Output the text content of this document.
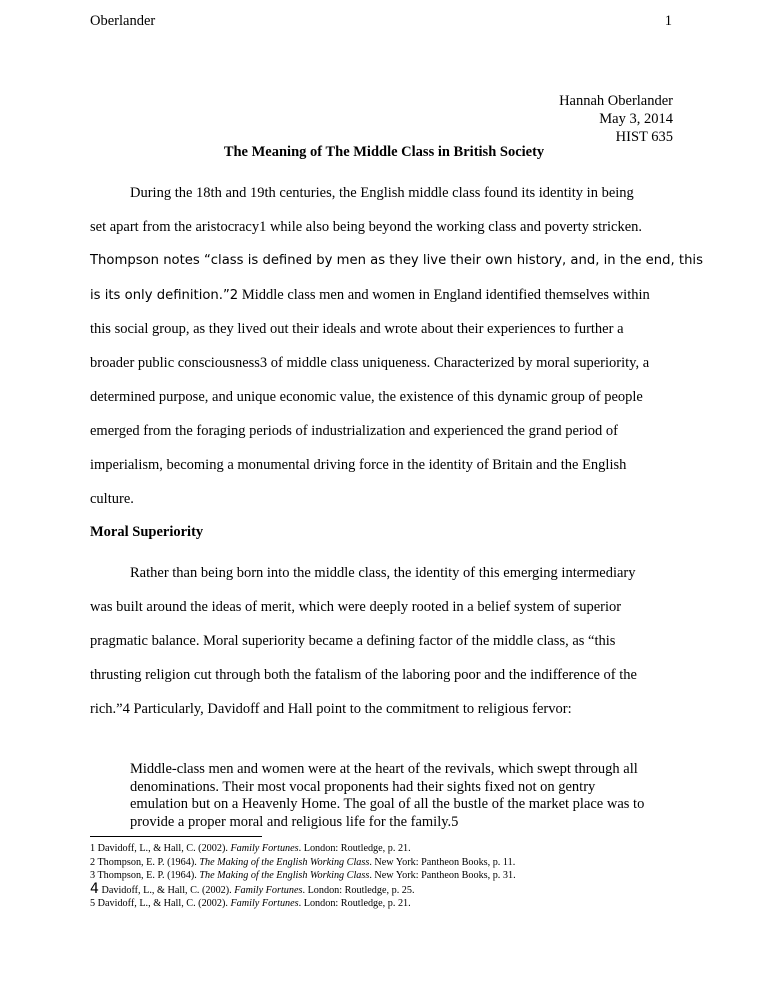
Oberlander	1
Hannah Oberlander
May 3, 2014
HIST 635
The Meaning of The Middle Class in British Society
During the 18th and 19th centuries, the English middle class found its identity in being
set apart from the aristocracy1 while also being beyond the working class and poverty stricken.
Thompson notes “class is defined by men as they live their own history, and, in the end, this
is its only definition.”2 Middle class men and women in England identified themselves within
this social group, as they lived out their ideals and wrote about their experiences to further a
broader public consciousness3 of middle class uniqueness. Characterized by moral superiority, a
determined purpose, and unique economic value, the existence of this dynamic group of people
emerged from the foraging periods of industrialization and experienced the grand period of
imperialism, becoming a monumental driving force in the identity of Britain and the English
culture.
Moral Superiority
Rather than being born into the middle class, the identity of this emerging intermediary
was built around the ideas of merit, which were deeply rooted in a belief system of superior
pragmatic balance. Moral superiority became a defining factor of the middle class, as “this
thrusting religion cut through both the fatalism of the laboring poor and the indifference of the
rich.”4 Particularly, Davidoff and Hall point to the commitment to religious fervor:
Middle-class men and women were at the heart of the revivals, which swept through all
denominations. Their most vocal proponents had their sights fixed not on gentry
emulation but on a Heavenly Home. The goal of all the bustle of the market place was to
provide a proper moral and religious life for the family.5
1 Davidoff, L., & Hall, C. (2002). Family Fortunes. London: Routledge, p. 21.
2 Thompson, E. P. (1964). The Making of the English Working Class. New York: Pantheon Books, p. 11.
3 Thompson, E. P. (1964). The Making of the English Working Class. New York: Pantheon Books, p. 31.
4 Davidoff, L., & Hall, C. (2002). Family Fortunes. London: Routledge, p. 25.
5 Davidoff, L., & Hall, C. (2002). Family Fortunes. London: Routledge, p. 21.
